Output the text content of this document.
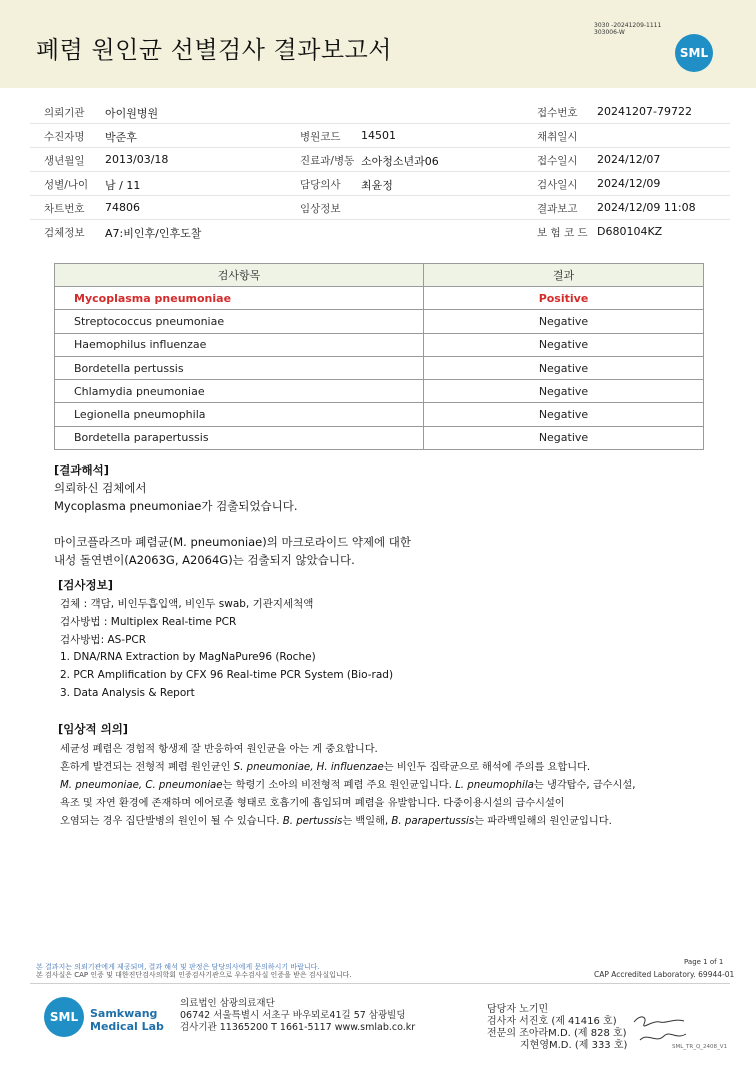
폐렴 원인균 선별검사 결과보고서
3030 -20241209-1111
303006-W
SML
의뢰기관 아이원병원	접수번호 20241207-79722
수진자명 박준후	병원코드 14501	채취일시
생년월일 2013/03/18	진료과/병동 소아청소년과06	접수일시 2024/12/07
성별/나이 남 / 11	담당의사 최윤정	검사일시 2024/12/09
차트번호 74806	임상정보	결과보고 2024/12/09 11:08
검체정보 A7:비인후/인후도찰	보 험 코 드 D680104KZ
검사항목	결과
Mycoplasma pneumoniae	Positive
Streptococcus pneumoniae	Negative
Haemophilus influenzae	Negative
Bordetella pertussis	Negative
Chlamydia pneumoniae	Negative
Legionella pneumophila	Negative
Bordetella parapertussis	Negative
[결과해석]
의뢰하신 검체에서
Mycoplasma pneumoniae가 검출되었습니다.
마이코플라즈마 폐렴균(M. pneumoniae)의 마크로라이드 약제에 대한
내성 돌연변이(A2063G, A2064G)는 검출되지 않았습니다.
[검사정보]
검체 : 객담, 비인두흡입액, 비인두 swab, 기관지세척액
검사방법 : Multiplex Real-time PCR
검사방법: AS-PCR
1. DNA/RNA Extraction by MagNaPure96 (Roche)
2. PCR Amplification by CFX 96 Real-time PCR System (Bio-rad)
3. Data Analysis & Report
[임상적 의의]
세균성 폐렴은 경험적 항생제 잘 반응하여 원인균을 아는 게 중요합니다.
흔하게 발견되는 전형적 폐렴 원인균인 S. pneumoniae, H. influenzae는 비인두 집락균으로 해석에 주의를 요합니다.
M. pneumoniae, C. pneumoniae는 학령기 소아의 비전형적 폐렴 주요 원인균입니다. L. pneumophila는 냉각탑수, 급수시설,
욕조 및 자연 환경에 존재하며 에어로졸 형태로 호흡기에 흡입되며 폐렴을 유발합니다. 다중이용시설의 급수시설이
오염되는 경우 집단발병의 원인이 될 수 있습니다. B. pertussis는 백일해, B. parapertussis는 파라백일해의 원인균입니다.
본 결과지는 의뢰기관에게 제공되며, 결과 해석 및 판정은 담당의사에게 문의하시기 바랍니다.
본 검사실은 CAP 인증 및 대한진단검사의학회 인증검사기관으로 우수검사실 인증을 받은 검사실입니다.
Page 1 of 1
CAP Accredited Laboratory. 69944-01
SML	Samkwang
Medical Lab
의료법인 삼광의료재단
06742 서울특별시 서초구 바우뫼로41길 57 삼광빌딩
검사기관 11365200 T 1661-5117 www.smlab.co.kr
담당자 노기민
검사자 서진호 (제 41416 호)
전문의 조아라M.D. (제 828 호)
지현영M.D. (제 333 호)	SML_TR_Q_2408_V1
